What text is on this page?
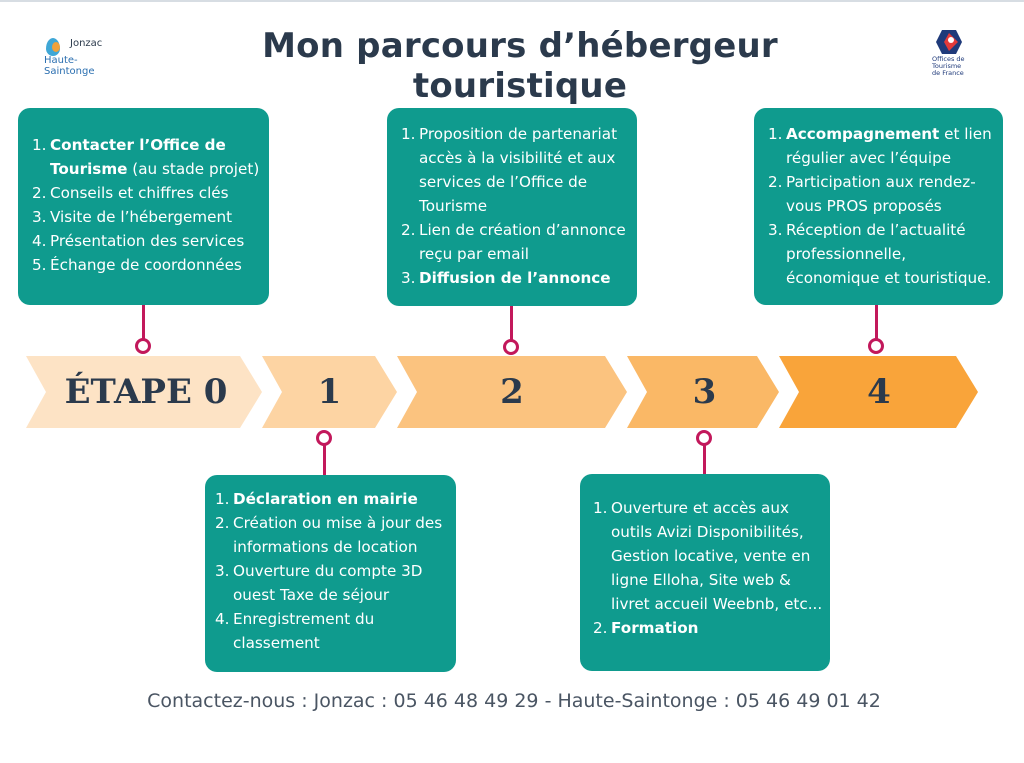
Jonzac
Haute-Saintonge
Mon parcours d’hébergeur touristique
Offices de Tourisme de France
ÉTAPE 0	1	2	3	4
1. Contacter l’Office de Tourisme (au stade projet)
2. Conseils et chiffres clés
3. Visite de l’hébergement
4. Présentation des services
5. Échange de coordonnées
1. Proposition de partenariat accès à la visibilité et aux services de l’Office de Tourisme
2. Lien de création d’annonce reçu par email
3. Diffusion de l’annonce
1. Accompagnement et lien régulier avec l’équipe
2. Participation aux rendez-vous PROS proposés
3. Réception de l’actualité professionnelle, économique et touristique.
1. Déclaration en mairie
2. Création ou mise à jour des informations de location
3. Ouverture du compte 3D ouest Taxe de séjour
4. Enregistrement du classement
1. Ouverture et accès aux outils Avizi Disponibilités, Gestion locative, vente en ligne Elloha, Site web & livret accueil Weebnb, etc...
2. Formation
Contactez-nous : Jonzac : 05 46 48 49 29 - Haute-Saintonge : 05 46 49 01 42
